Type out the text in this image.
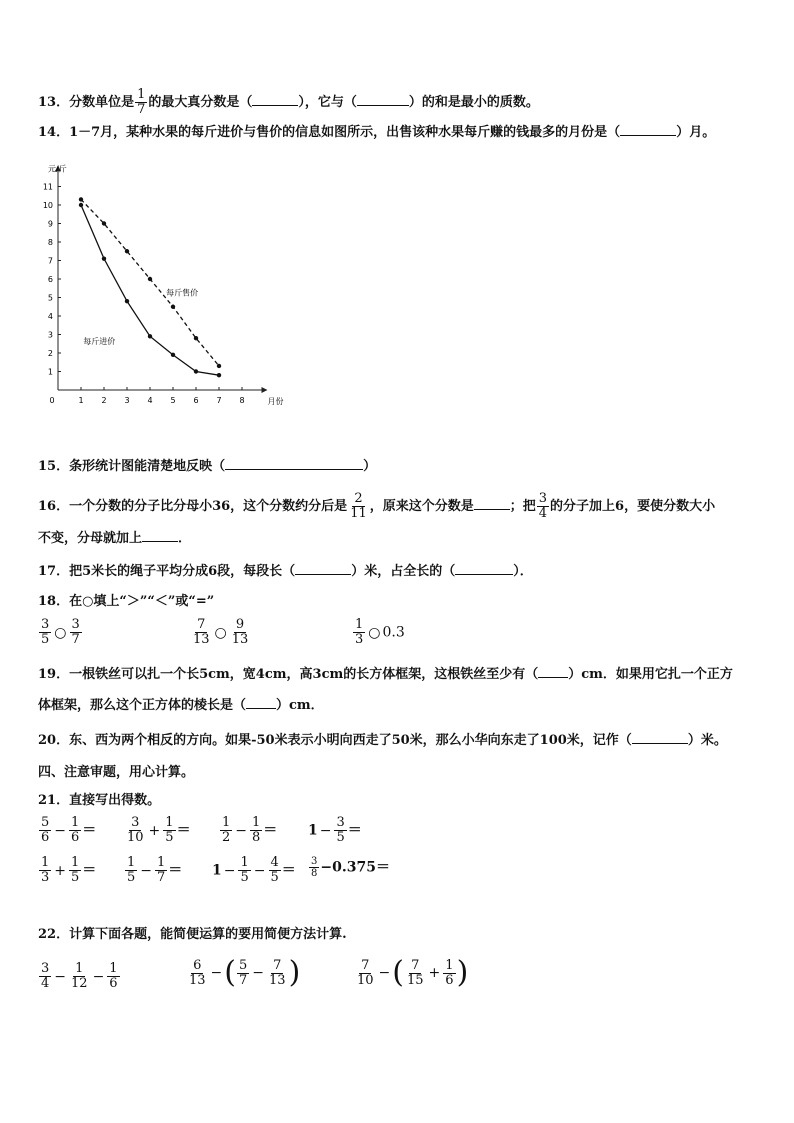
13．分数单位是 $\frac{1}{7}$ 的最大真分数是（	），它与（	）的和是最小的质数。
14．1－7月，某种水果的每斤进价与售价的信息如图所示，出售该种水果每斤赚的钱最多的月份是（	）月。
0	1 2 3 4 5 6 7 8
1
2
3
4
5
6
7
8
9
10
11
元/斤
月份
每斤售价
每斤进价
15．条形统计图能清楚地反映（	）
16．一个分数的分子比分母小36，这个分数约分后是 $\frac{2}{11}$ ，原来这个分数是	；把 $\frac{3}{4}$ 的分子加上6，要使分数大小
不变，分母就加上	．
17．把5米长的绳子平均分成6段，每段长（	）米，占全长的（	）．
18．在○填上“＞”“＜”或“=”
$\frac{3}{5}$ ○ $\frac{3}{7}$	$\frac{7}{13}$ ○ $\frac{9}{13}$	$\frac{1}{3}$ ○ 0.3
19．一根铁丝可以扎一个长5cm，宽4cm，高3cm的长方体框架，这根铁丝至少有（ ）cm．如果用它扎一个正方
体框架，那么这个正方体的棱长是（ ）cm．
20．东、西为两个相反的方向。如果-50米表示小明向西走了50米，那么小华向东走了100米，记作（	）米。
四、注意审题，用心计算。
21．直接写出得数。
$\frac{5}{6} - \frac{1}{6} = \frac{3}{10} + \frac{1}{5} = \frac{1}{2} - \frac{1}{8} = 1 - \frac{3}{5}$ ＝
$\frac{1}{3} + \frac{1}{5} = \frac{1}{5} - \frac{1}{7} = 1 - \frac{1}{5} - \frac{4}{5} = \frac{3}{8} -0.375=$
22．计算下面各题，能简便运算的要用简便方法计算.
$\frac{3}{4} - \frac{1}{12} - \frac{1}{6}$	$\frac{6}{13}$ −( $\frac{5}{7} - \frac{7}{13}$ )	$\frac{7}{10}$ −( $\frac{7}{15} + \frac{1}{6}$ )
